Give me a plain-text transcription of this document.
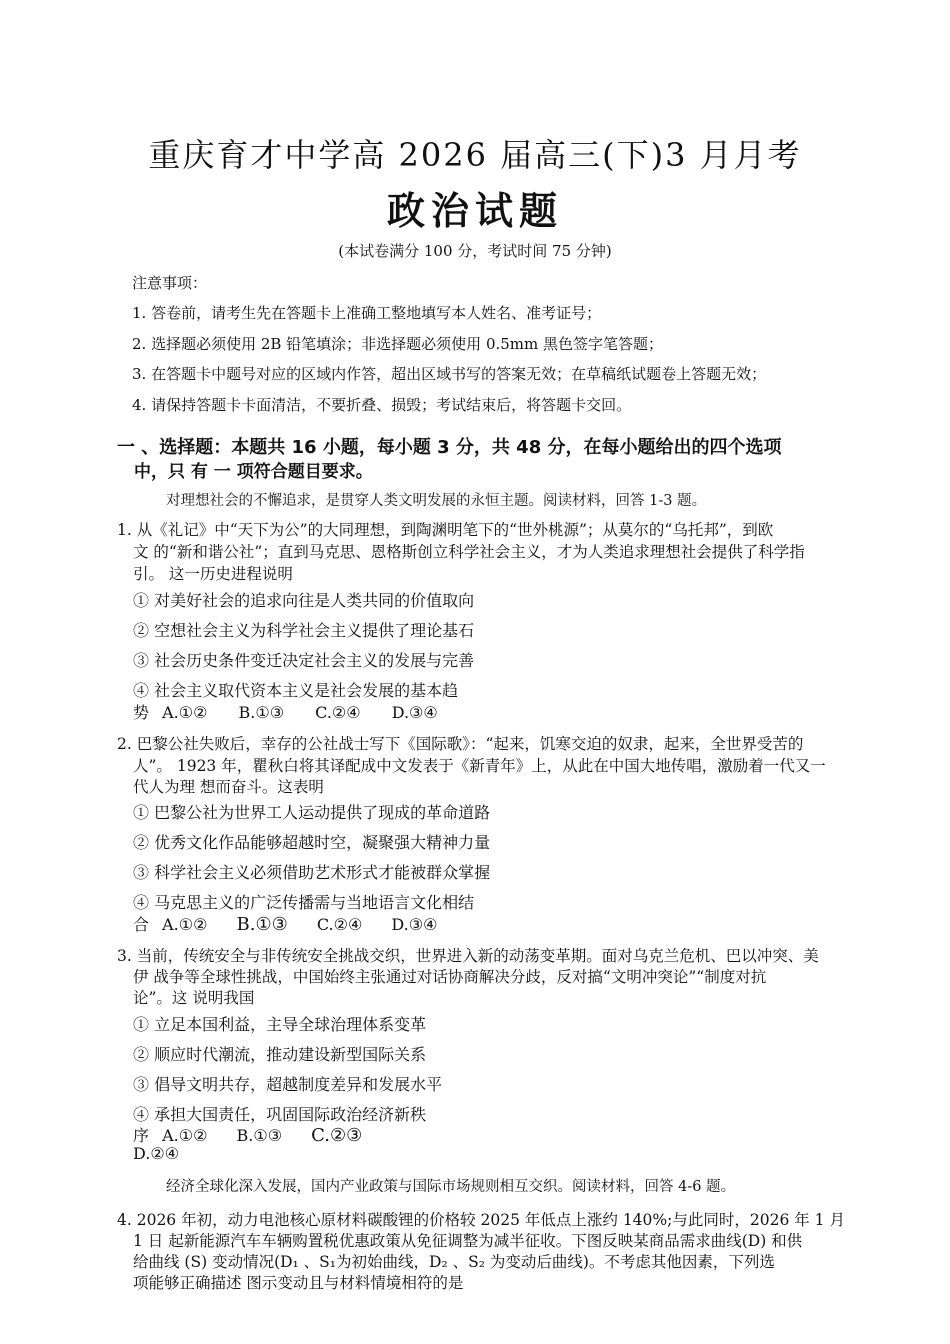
重庆育才中学高 2026 届高三(下)3 月月考
政治试题
(本试卷满分 100 分，考试时间 75 分钟)
注意事项：
1. 答卷前，请考生先在答题卡上准确工整地填写本人姓名、准考证号；
2. 选择题必须使用 2B 铅笔填涂；非选择题必须使用 0.5mm 黑色签字笔答题；
3. 在答题卡中题号对应的区域内作答，超出区域书写的答案无效；在草稿纸试题卷上答题无效；
4. 请保持答题卡卡面清洁，不要折叠、损毁；考试结束后，将答题卡交回。
一 、选择题：本题共 16 小题，每小题 3 分，共 48 分，在每小题给出的四个选项
中，只 有 一 项符合题目要求。
对理想社会的不懈追求，是贯穿人类文明发展的永恒主题。阅读材料，回答 1-3 题。
1. 从《礼记》中“天下为公”的大同理想，到陶渊明笔下的“世外桃源”；从莫尔的“乌托邦”，到欧
文 的“新和谐公社”；直到马克思、恩格斯创立科学社会主义，才为人类追求理想社会提供了科学指
引。 这一历史进程说明
① 对美好社会的追求向往是人类共同的价值取向
② 空想社会主义为科学社会主义提供了理论基石
③ 社会历史条件变迁决定社会主义的发展与完善
④ 社会主义取代资本主义是社会发展的基本趋
势 A.①② B.①③ C.②④ D.③④
2. 巴黎公社失败后，幸存的公社战士写下《国际歌》：“起来，饥寒交迫的奴隶，起来，全世界受苦的
人”。 1923 年，瞿秋白将其译配成中文发表于《新青年》上，从此在中国大地传唱，激励着一代又一
代人为理 想而奋斗。这表明
① 巴黎公社为世界工人运动提供了现成的革命道路
② 优秀文化作品能够超越时空，凝聚强大精神力量
③ 科学社会主义必须借助艺术形式才能被群众掌握
④ 马克思主义的广泛传播需与当地语言文化相结
合 A.①② B.①③ C.②④ D.③④
3. 当前，传统安全与非传统安全挑战交织，世界进入新的动荡变革期。面对乌克兰危机、巴以冲突、美
伊 战争等全球性挑战，中国始终主张通过对话协商解决分歧，反对搞“文明冲突论”“制度对抗
论”。这 说明我国
① 立足本国利益，主导全球治理体系变革
② 顺应时代潮流，推动建设新型国际关系
③ 倡导文明共存，超越制度差异和发展水平
④ 承担大国责任，巩固国际政治经济新秩
序 A.①② B.①③ C.②③
D.②④
经济全球化深入发展，国内产业政策与国际市场规则相互交织。阅读材料，回答 4-6 题。
4. 2026 年初，动力电池核心原材料碳酸锂的价格较 2025 年低点上涨约 140%;与此同时，2026 年 1 月
1 日 起新能源汽车车辆购置税优惠政策从免征调整为减半征收。下图反映某商品需求曲线(D) 和供
给曲线 (S) 变动情况(D₁ 、S₁为初始曲线，D₂ 、S₂ 为变动后曲线)。不考虑其他因素，下列选
项能够正确描述 图示变动且与材料情境相符的是
